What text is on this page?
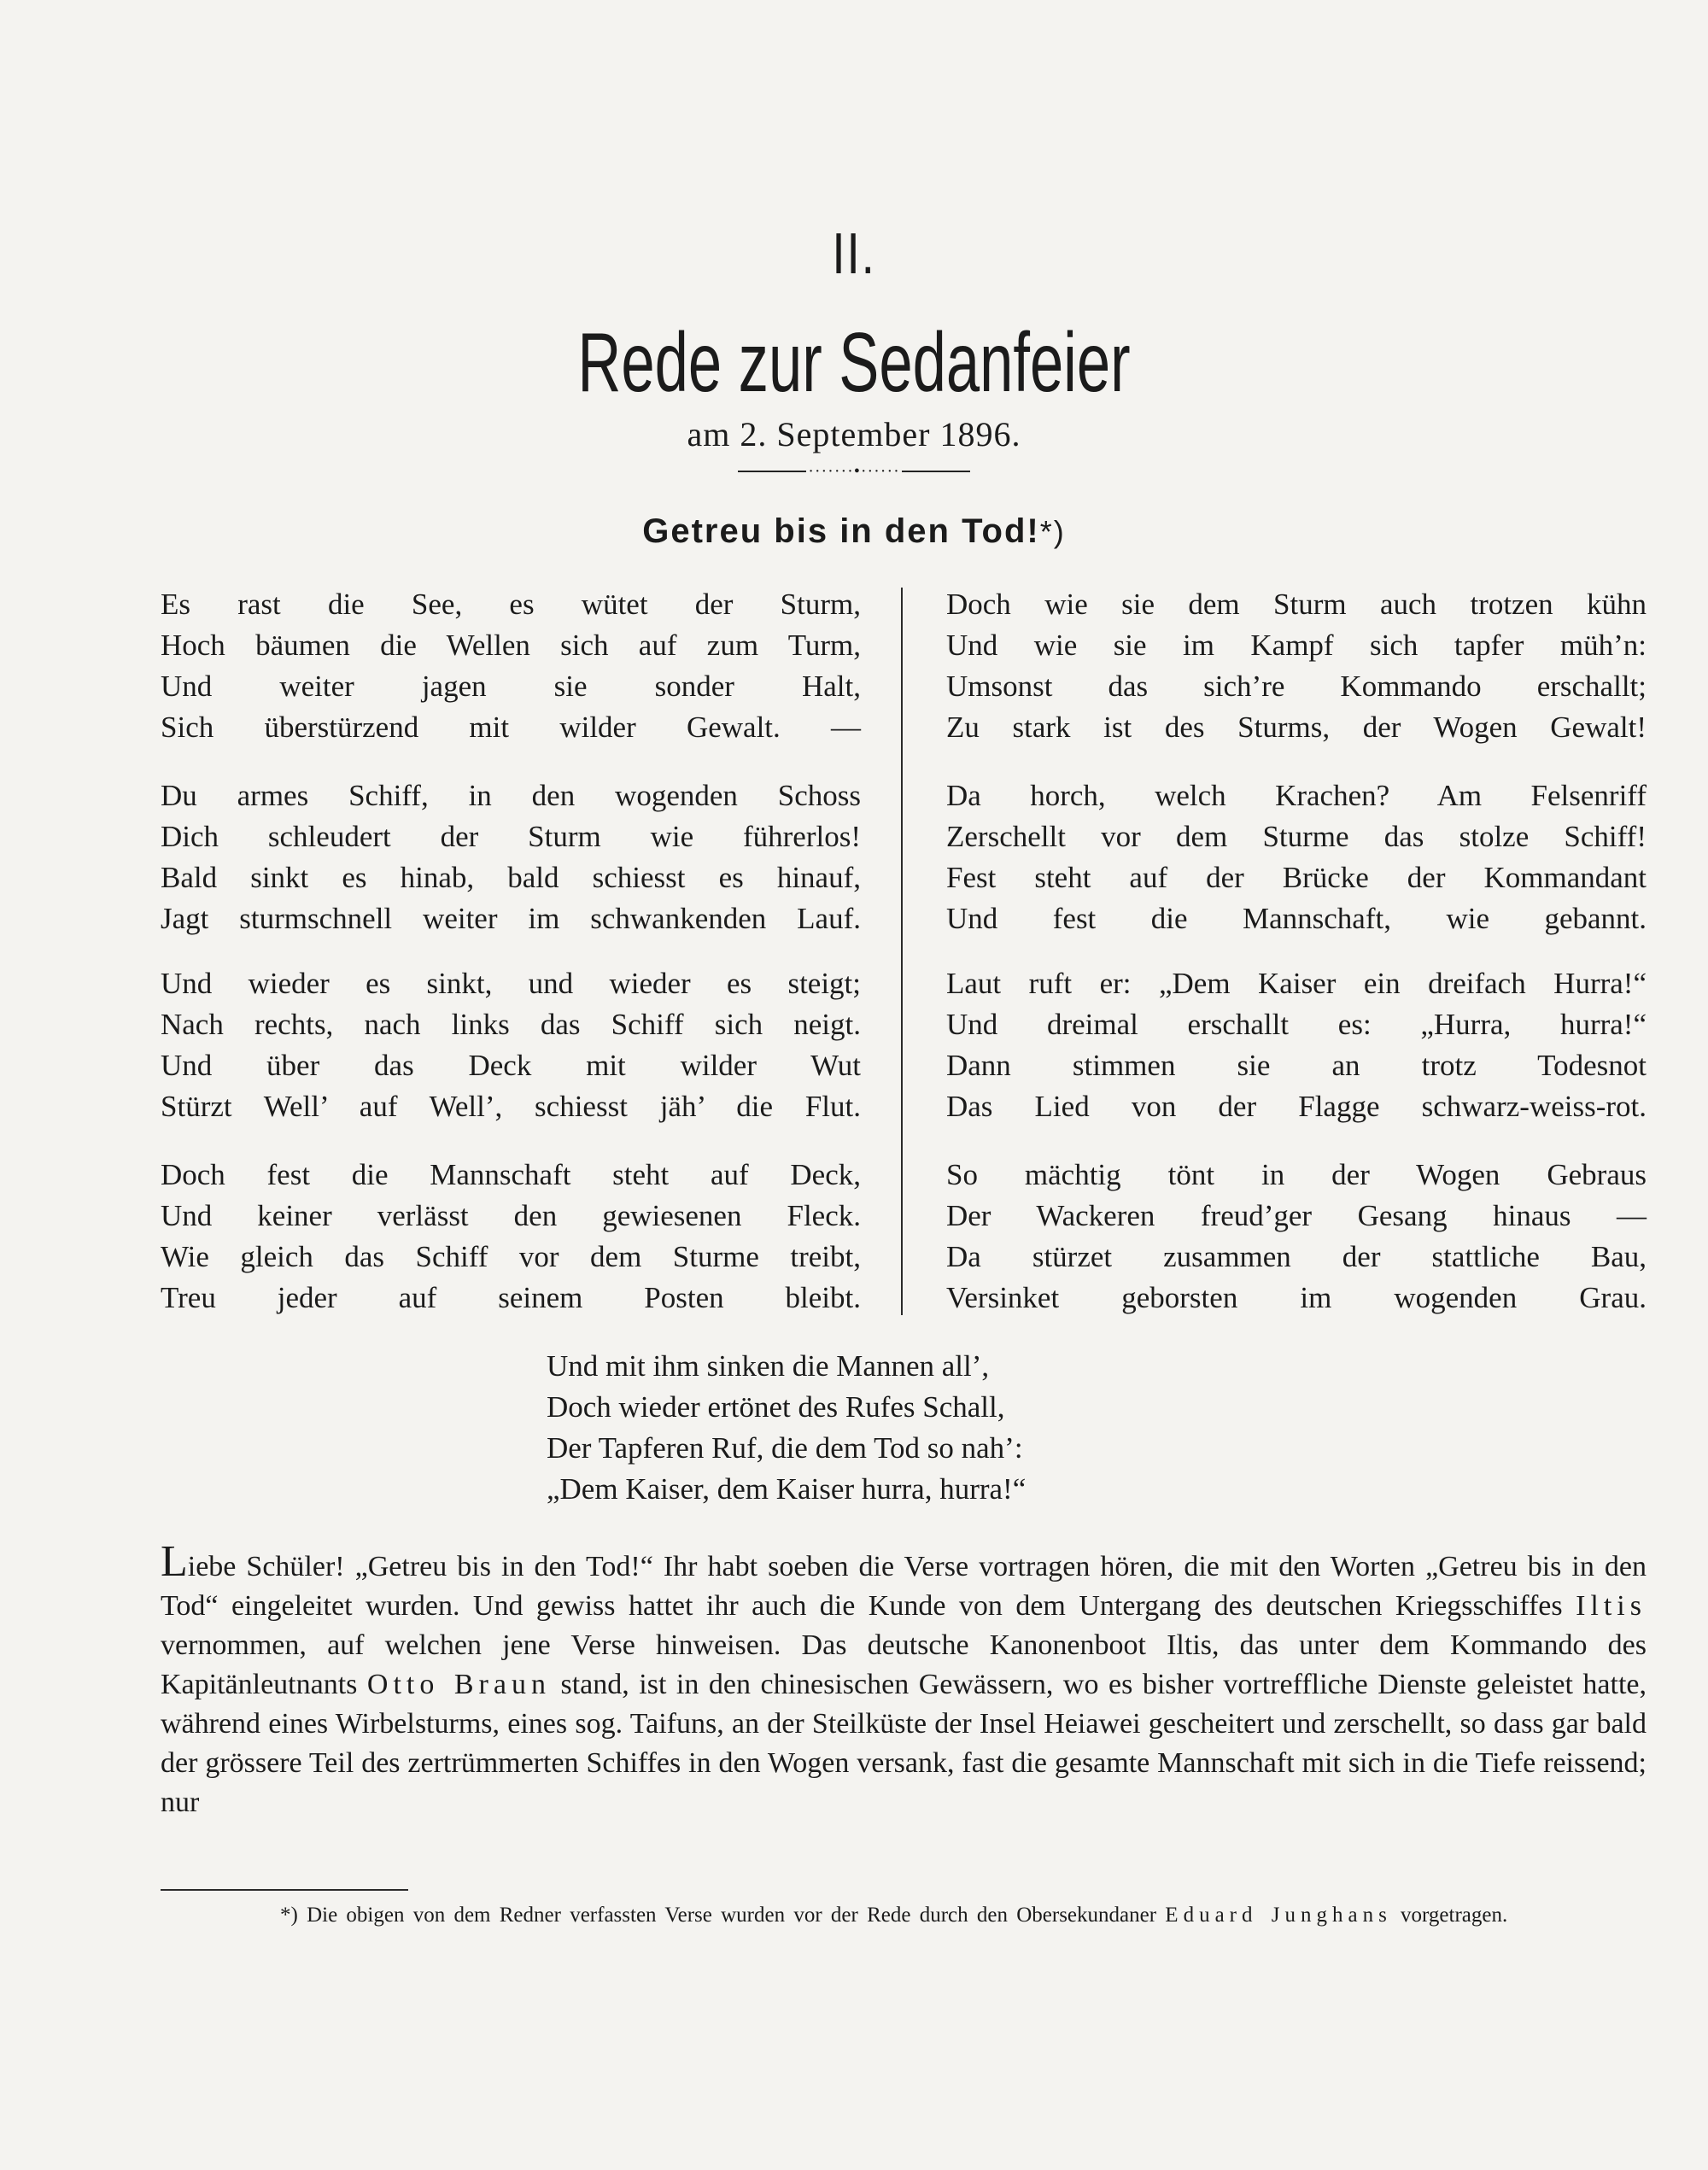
II.
Rede zur Sedanfeier
am 2. September 1896.
·······•······
Getreu bis in den Tod!*)
Es rast die See, es wütet der Sturm,
Hoch bäumen die Wellen sich auf zum Turm,
Und weiter jagen sie sonder Halt,
Sich überstürzend mit wilder Gewalt. —
Du armes Schiff, in den wogenden Schoss
Dich schleudert der Sturm wie führerlos!
Bald sinkt es hinab, bald schiesst es hinauf,
Jagt sturmschnell weiter im schwankenden Lauf.
Und wieder es sinkt, und wieder es steigt;
Nach rechts, nach links das Schiff sich neigt.
Und über das Deck mit wilder Wut
Stürzt Well’ auf Well’, schiesst jäh’ die Flut.
Doch fest die Mannschaft steht auf Deck,
Und keiner verlässt den gewiesenen Fleck.
Wie gleich das Schiff vor dem Sturme treibt,
Treu jeder auf seinem Posten bleibt.
Doch wie sie dem Sturm auch trotzen kühn
Und wie sie im Kampf sich tapfer müh’n:
Umsonst das sich’re Kommando erschallt;
Zu stark ist des Sturms, der Wogen Gewalt!
Da horch, welch Krachen? Am Felsenriff
Zerschellt vor dem Sturme das stolze Schiff!
Fest steht auf der Brücke der Kommandant
Und fest die Mannschaft, wie gebannt.
Laut ruft er: „Dem Kaiser ein dreifach Hurra!“
Und dreimal erschallt es: „Hurra, hurra!“
Dann stimmen sie an trotz Todesnot
Das Lied von der Flagge schwarz-weiss-rot.
So mächtig tönt in der Wogen Gebraus
Der Wackeren freud’ger Gesang hinaus —
Da stürzet zusammen der stattliche Bau,
Versinket geborsten im wogenden Grau.
Und mit ihm sinken die Mannen all’,
Doch wieder ertönet des Rufes Schall,
Der Tapferen Ruf, die dem Tod so nah’:
„Dem Kaiser, dem Kaiser hurra, hurra!“
Liebe Schüler! „Getreu bis in den Tod!“ Ihr habt soeben die Verse vortragen hören, die mit den Worten „Getreu bis in den Tod“ eingeleitet wurden. Und gewiss hattet ihr auch die Kunde von dem Untergang des deutschen Kriegsschiffes Iltis vernommen, auf welchen jene Verse hinweisen. Das deutsche Kanonenboot Iltis, das unter dem Kommando des Kapitänleutnants Otto Braun stand, ist in den chinesischen Gewässern, wo es bisher vortreffliche Dienste geleistet hatte, während eines Wirbelsturms, eines sog. Taifuns, an der Steilküste der Insel Heiawei gescheitert und zerschellt, so dass gar bald der grössere Teil des zertrümmerten Schiffes in den Wogen versank, fast die gesamte Mannschaft mit sich in die Tiefe reissend; nur
*) Die obigen von dem Redner verfassten Verse wurden vor der Rede durch den Obersekundaner Eduard Junghans vorgetragen.
